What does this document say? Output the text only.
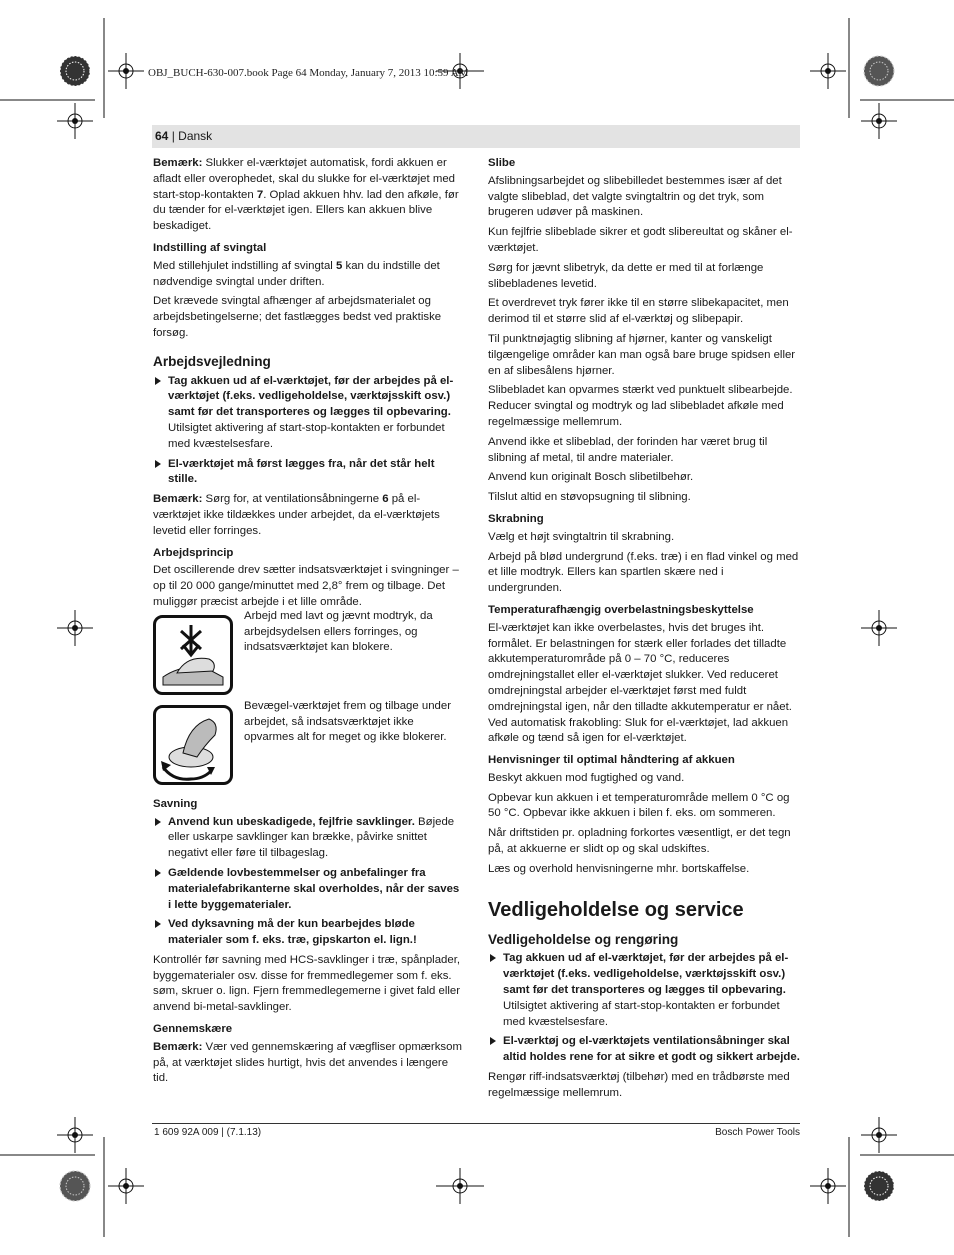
OBJ_BUCH-630-007.book Page 64 Monday, January 7, 2013 10:59 AM
64 | Dansk

Bemærk: Slukker el-værktøjet automatisk, fordi akkuen er afladt eller overophedet, skal du slukke for el-værktøjet med start-stop-kontakten 7. Oplad akkuen hhv. lad den afkøle, før du tænder for el-værktøjet igen. Ellers kan akkuen blive beskadiget.

Indstilling af svingtal

Med stillehjulet indstilling af svingtal 5 kan du indstille det nødvendige svingtal under driften.

Det krævede svingtal afhænger af arbejdsmaterialet og arbejdsbetingelserne; det fastlægges bedst ved praktiske forsøg.

Arbejdsvejledning
Tag akkuen ud af el-værktøjet, før der arbejdes på el-værktøjet (f.eks. vedligeholdelse, værktøjsskift osv.) samt før det transporteres og lægges til opbevaring. Utilsigtet aktivering af start-stop-kontakten er forbundet med kvæstelsesfare.
El-værktøjet må først lægges fra, når det står helt stille.

Bemærk: Sørg for, at ventilationsåbningerne 6 på el-værktøjet ikke tildækkes under arbejdet, da el-værktøjets levetid eller forringes.

Arbejdsprincip

Det oscillerende drev sætter indsatsværktøjet i svingninger – op til 20 000 gange/minuttet med 2,8° frem og tilbage. Det muliggør præcist arbejde i et lille område.

Arbejd med lavt og jævnt modtryk, da arbejdsydelsen ellers forringes, og indsatsværktøjet kan blokere.
Bevægel-værktøjet frem og tilbage under arbejdet, så indsatsværktøjet ikke opvarmes alt for meget og ikke blokerer.
Savning
Anvend kun ubeskadigede, fejlfrie savklinger. Bøjede eller uskarpe savklinger kan brække, påvirke snittet negativt eller føre til tilbageslag.
Gældende lovbestemmelser og anbefalinger fra materialefabrikanterne skal overholdes, når der saves i lette byggematerialer.
Ved dyksavning må der kun bearbejdes bløde materialer som f. eks. træ, gipskarton el. lign.!

Kontrollér før savning med HCS-savklinger i træ, spånplader, byggematerialer osv. disse for fremmedlegemer som f. eks. søm, skruer o. lign. Fjern fremmedlegemerne i givet fald eller anvend bi-metal-savklinger.

Gennemskære

Bemærk: Vær ved gennemskæring af vægfliser opmærksom på, at værktøjet slides hurtigt, hvis det anvendes i længere tid.

Slibe

Afslibningsarbejdet og slibebilledet bestemmes især af det valgte slibeblad, det valgte svingtaltrin og det tryk, som brugeren udøver på maskinen.

Kun fejlfrie slibeblade sikrer et godt slibereultat og skåner el-værktøjet.

Sørg for jævnt slibetryk, da dette er med til at forlænge slibebladenes levetid.

Et overdrevet tryk fører ikke til en større slibekapacitet, men derimod til et større slid af el-værktøj og slibepapir.

Til punktnøjagtig slibning af hjørner, kanter og vanskeligt tilgængelige områder kan man også bare bruge spidsen eller en af slibesålens hjørner.

Slibebladet kan opvarmes stærkt ved punktuelt slibearbejde. Reducer svingtal og modtryk og lad slibebladet afkøle med regelmæssige mellemrum.

Anvend ikke et slibeblad, der forinden har været brug til slibning af metal, til andre materialer.

Anvend kun originalt Bosch slibetilbehør.

Tilslut altid en støvopsugning til slibning.

Skrabning

Vælg et højt svingtaltrin til skrabning.

Arbejd på blød undergrund (f.eks. træ) i en flad vinkel og med et lille modtryk. Ellers kan spartlen skære ned i undergrunden.

Temperaturafhængig overbelastningsbeskyttelse

El-værktøjet kan ikke overbelastes, hvis det bruges iht. formålet. Er belastningen for stærk eller forlades det tilladte akkutemperaturområde på 0 – 70 °C, reduceres omdrejningstallet eller el-værktøjet slukker. Ved reduceret omdrejningstal arbejder el-værktøjet først med fuldt omdrejningstal igen, når den tilladte akkutemperatur er nået. Ved automatisk frakobling: Sluk for el-værktøjet, lad akkuen afkøle og tænd så igen for el-værktøjet.

Henvisninger til optimal håndtering af akkuen

Beskyt akkuen mod fugtighed og vand.

Opbevar kun akkuen i et temperaturområde mellem 0 °C og 50 °C. Opbevar ikke akkuen i bilen f. eks. om sommeren.

Når driftstiden pr. opladning forkortes væsentligt, er det tegn på, at akkuerne er slidt op og skal udskiftes.

Læs og overhold henvisningerne mhr. bortskaffelse.

Vedligeholdelse og service
Vedligeholdelse og rengøring
Tag akkuen ud af el-værktøjet, før der arbejdes på el-værktøjet (f.eks. vedligeholdelse, værktøjsskift osv.) samt før det transporteres og lægges til opbevaring. Utilsigtet aktivering af start-stop-kontakten er forbundet med kvæstelsesfare.
El-værktøj og el-værktøjets ventilationsåbninger skal altid holdes rene for at sikre et godt og sikkert arbejde.

Rengør riff-indsatsværktøj (tilbehør) med en trådbørste med regelmæssige mellemrum.

1 609 92A 009 | (7.1.13)	Bosch Power Tools
